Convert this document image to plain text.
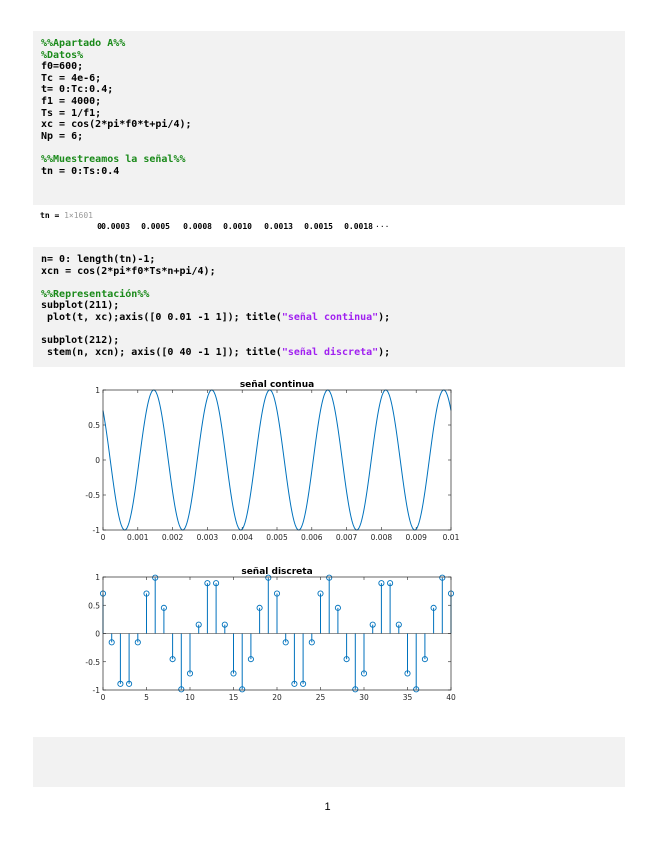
%%Apartado A%%
%Datos%
f0=600;
Tc = 4e-6;
t= 0:Tc:0.4;
f1 = 4000;
Ts = 1/f1;
xc = cos(2*pi*f0*t+pi/4);
Np = 6;

%%Muestreamos la señal%%
tn = 0:Ts:0.4

tn = 1×1601
0 0.0003 0.0005 0.0008 0.0010 0.0013 0.0015 0.0018 ···
n= 0: length(tn)-1;
xcn = cos(2*pi*f0*Ts*n+pi/4);

%%Representación%%
subplot(211);
plot(t, xc);axis([0 0.01 -1 1]); title("señal continua");

subplot(212);
stem(n, xcn); axis([0 40 -1 1]); title("señal discreta");

señal continua
0	0.001 0.002 0.003 0.004 0.005 0.006 0.007 0.008 0.009 0.01
1
0.5
0
-0.5
-1
señal discreta
0	5	10	15	20	25	30	35	40
1
0.5
0
-0.5
-1
1
